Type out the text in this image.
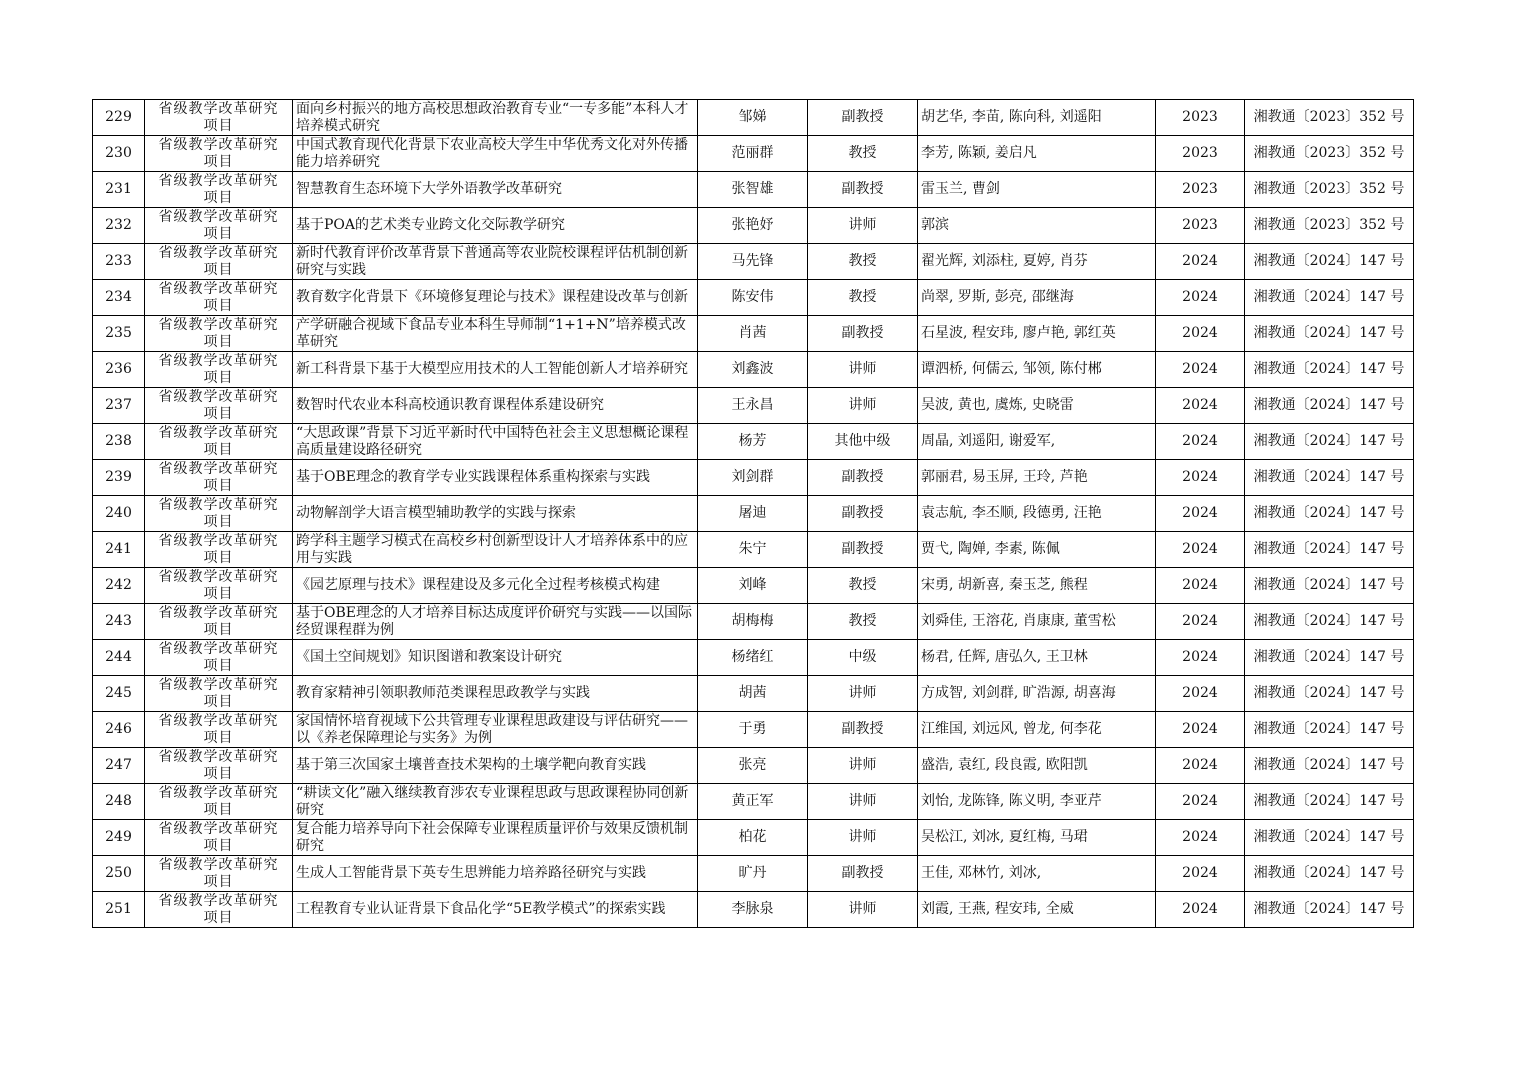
229	省级教学改革研究项目	面向乡村振兴的地方高校思想政治教育专业“一专多能”本科人才培养模式研究	邹娣	副教授	胡艺华, 李苗, 陈向科, 刘遥阳	2023	湘教通〔2023〕352 号
230	省级教学改革研究项目	中国式教育现代化背景下农业高校大学生中华优秀文化对外传播能力培养研究	范丽群	教授	李芳, 陈颖, 姜启凡	2023	湘教通〔2023〕352 号
231	省级教学改革研究项目	智慧教育生态环境下大学外语教学改革研究	张智雄	副教授	雷玉兰, 曹剑	2023	湘教通〔2023〕352 号
232	省级教学改革研究项目	基于POA的艺术类专业跨文化交际教学研究	张艳妤	讲师	郭滨	2023	湘教通〔2023〕352 号
233	省级教学改革研究项目	新时代教育评价改革背景下普通高等农业院校课程评估机制创新研究与实践	马先锋	教授	翟光辉, 刘添柱, 夏婷, 肖芬	2024	湘教通〔2024〕147 号
234	省级教学改革研究项目	教育数字化背景下《环境修复理论与技术》课程建设改革与创新	陈安伟	教授	尚翠, 罗斯, 彭亮, 邵继海	2024	湘教通〔2024〕147 号
235	省级教学改革研究项目	产学研融合视域下食品专业本科生导师制“1+1+N”培养模式改革研究	肖茜	副教授	石星波, 程安玮, 廖卢艳, 郭红英	2024	湘教通〔2024〕147 号
236	省级教学改革研究项目	新工科背景下基于大模型应用技术的人工智能创新人才培养研究	刘鑫波	讲师	谭泗桥, 何儒云, 邹领, 陈付郴	2024	湘教通〔2024〕147 号
237	省级教学改革研究项目	数智时代农业本科高校通识教育课程体系建设研究	王永昌	讲师	吴波, 黄也, 虞炼, 史晓雷	2024	湘教通〔2024〕147 号
238	省级教学改革研究项目	“大思政课”背景下习近平新时代中国特色社会主义思想概论课程高质量建设路径研究	杨芳	其他中级	周晶, 刘遥阳, 谢爱军,	2024	湘教通〔2024〕147 号
239	省级教学改革研究项目	基于OBE理念的教育学专业实践课程体系重构探索与实践	刘剑群	副教授	郭丽君, 易玉屏, 王玲, 芦艳	2024	湘教通〔2024〕147 号
240	省级教学改革研究项目	动物解剖学大语言模型辅助教学的实践与探索	屠迪	副教授	袁志航, 李丕顺, 段德勇, 汪艳	2024	湘教通〔2024〕147 号
241	省级教学改革研究项目	跨学科主题学习模式在高校乡村创新型设计人才培养体系中的应用与实践	朱宁	副教授	贾弋, 陶婵, 李素, 陈佩	2024	湘教通〔2024〕147 号
242	省级教学改革研究项目	《园艺原理与技术》课程建设及多元化全过程考核模式构建	刘峰	教授	宋勇, 胡新喜, 秦玉芝, 熊程	2024	湘教通〔2024〕147 号
243	省级教学改革研究项目	基于OBE理念的人才培养目标达成度评价研究与实践——以国际经贸课程群为例	胡梅梅	教授	刘舜佳, 王溶花, 肖康康, 董雪松	2024	湘教通〔2024〕147 号
244	省级教学改革研究项目	《国土空间规划》知识图谱和教案设计研究	杨绪红	中级	杨君, 任辉, 唐弘久, 王卫林	2024	湘教通〔2024〕147 号
245	省级教学改革研究项目	教育家精神引领职教师范类课程思政教学与实践	胡茜	讲师	方成智, 刘剑群, 旷浩源, 胡喜海	2024	湘教通〔2024〕147 号
246	省级教学改革研究项目	家国情怀培育视域下公共管理专业课程思政建设与评估研究——以《养老保障理论与实务》为例	于勇	副教授	江维国, 刘远风, 曾龙, 何李花	2024	湘教通〔2024〕147 号
247	省级教学改革研究项目	基于第三次国家土壤普查技术架构的土壤学靶向教育实践	张亮	讲师	盛浩, 袁红, 段良霞, 欧阳凯	2024	湘教通〔2024〕147 号
248	省级教学改革研究项目	“耕读文化”融入继续教育涉农专业课程思政与思政课程协同创新研究	黄正军	讲师	刘怡, 龙陈锋, 陈义明, 李亚芹	2024	湘教通〔2024〕147 号
249	省级教学改革研究项目	复合能力培养导向下社会保障专业课程质量评价与效果反馈机制研究	柏花	讲师	吴松江, 刘冰, 夏红梅, 马珺	2024	湘教通〔2024〕147 号
250	省级教学改革研究项目	生成人工智能背景下英专生思辨能力培养路径研究与实践	旷丹	副教授	王佳, 邓林竹, 刘冰,	2024	湘教通〔2024〕147 号
251	省级教学改革研究项目	工程教育专业认证背景下食品化学“5E教学模式”的探索实践	李脉泉	讲师	刘霞, 王燕, 程安玮, 全威	2024	湘教通〔2024〕147 号
